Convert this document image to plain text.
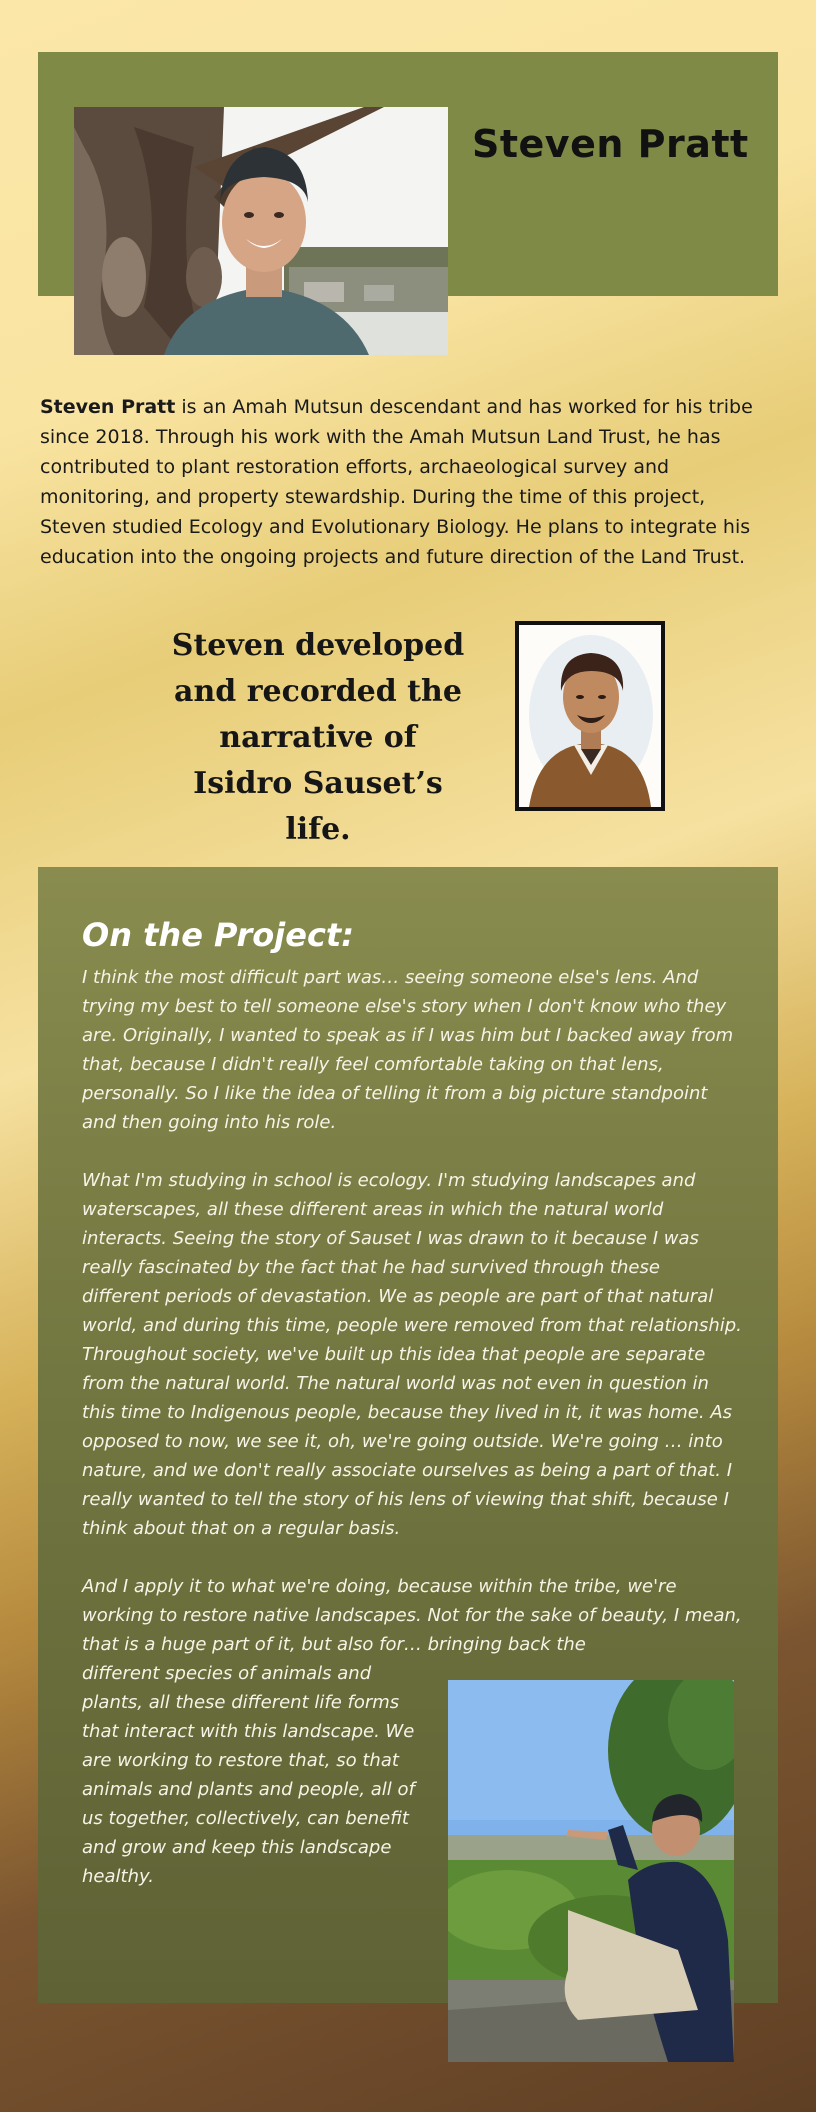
Steven Pratt

Steven Pratt is an Amah Mutsun descendant and has worked for his tribe since 2018. Through his work with the Amah Mutsun Land Trust, he has contributed to plant restoration efforts, archaeological survey and monitoring, and property stewardship. During the time of this project, Steven studied Ecology and Evolutionary Biology. He plans to integrate his education into the ongoing projects and future direction of the Land Trust.

Steven developed and recorded the narrative of Isidro Sauset’s life.

On the Project:

I think the most difficult part was… seeing someone else's lens. And trying my best to tell someone else's story when I don't know who they are. Originally, I wanted to speak as if I was him but I backed away from that, because I didn't really feel comfortable taking on that lens, personally. So I like the idea of telling it from a big picture standpoint and then going into his role.

What I'm studying in school is ecology. I'm studying landscapes and waterscapes, all these different areas in which the natural world interacts. Seeing the story of Sauset I was drawn to it because I was really fascinated by the fact that he had survived through these different periods of devastation. We as people are part of that natural world, and during this time, people were removed from that relationship. Throughout society, we've built up this idea that people are separate from the natural world. The natural world was not even in question in this time to Indigenous people, because they lived in it, it was home. As opposed to now, we see it, oh, we're going outside. We're going … into nature, and we don't really associate ourselves as being a part of that. I really wanted to tell the story of his lens of viewing that shift, because I think about that on a regular basis.

And I apply it to what we're doing, because within the tribe, we're working to restore native landscapes. Not for the sake of beauty, I mean, that is a huge part of it, but also for… bringing back the

different species of animals and plants, all these different life forms that interact with this landscape. We are working to restore that, so that animals and plants and people, all of us together, collectively, can benefit and grow and keep this landscape healthy.
